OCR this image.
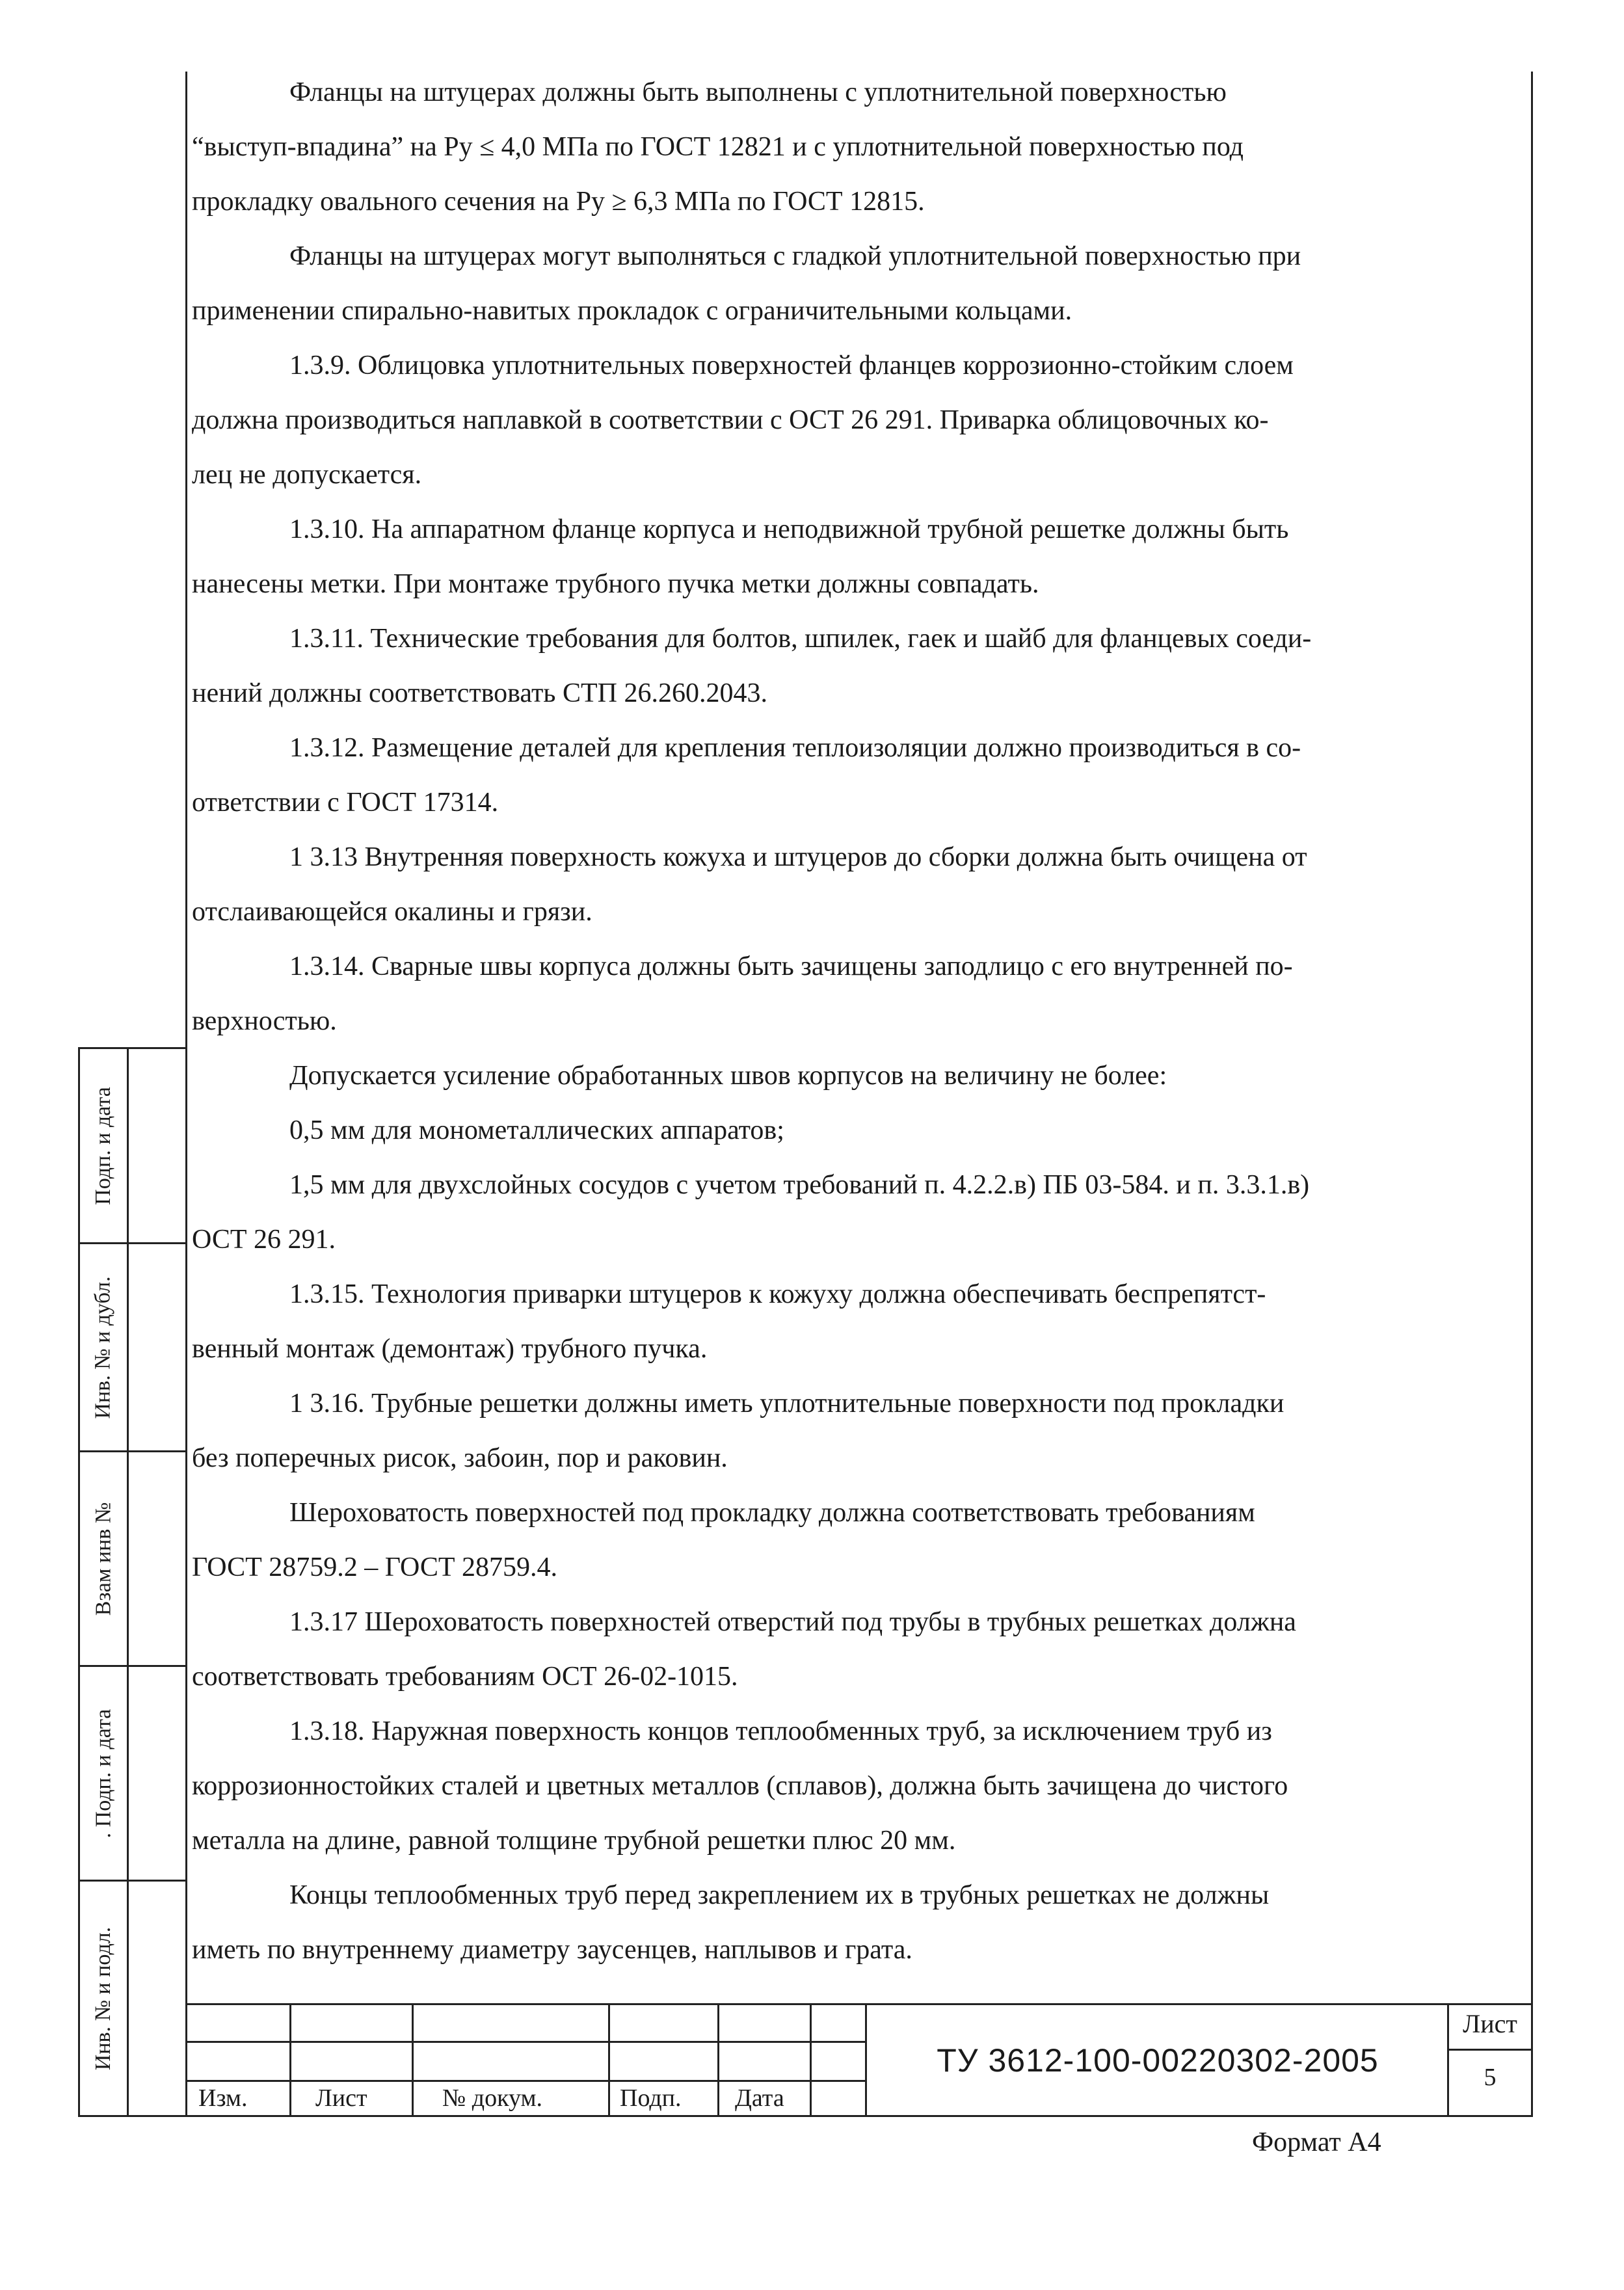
Фланцы на штуцерах должны быть выполнены с уплотнительной поверхностью
“выступ-впадина” на Ру ≤ 4,0 МПа по ГОСТ 12821 и с уплотнительной поверхностью под
прокладку овального сечения на Ру ≥ 6,3 МПа по ГОСТ 12815.
Фланцы на штуцерах могут выполняться с гладкой уплотнительной поверхностью при
применении спирально-навитых прокладок с ограничительными кольцами.
1.3.9. Облицовка уплотнительных поверхностей фланцев коррозионно-стойким слоем
должна производиться наплавкой в соответствии с ОСТ 26 291. Приварка облицовочных ко-
лец не допускается.
1.3.10. На аппаратном фланце корпуса и неподвижной трубной решетке должны быть
нанесены метки. При монтаже трубного пучка метки должны совпадать.
1.3.11. Технические требования для болтов, шпилек, гаек и шайб для фланцевых соеди-
нений должны соответствовать СТП 26.260.2043.
1.3.12. Размещение деталей для крепления теплоизоляции должно производиться в со-
ответствии с ГОСТ 17314.
1 3.13 Внутренняя поверхность кожуха и штуцеров до сборки должна быть очищена от
отслаивающейся окалины и грязи.
1.3.14. Сварные швы корпуса должны быть зачищены заподлицо с его внутренней по-
верхностью.
Допускается усиление обработанных швов корпусов на величину не более:
0,5 мм для монометаллических аппаратов;
1,5 мм для двухслойных сосудов с учетом требований п. 4.2.2.в) ПБ 03-584. и п. 3.3.1.в)
ОСТ 26 291.
1.3.15. Технология приварки штуцеров к кожуху должна обеспечивать беспрепятст-
венный монтаж (демонтаж) трубного пучка.
1 3.16. Трубные решетки должны иметь уплотнительные поверхности под прокладки
без поперечных рисок, забоин, пор и раковин.
Шероховатость поверхностей под прокладку должна соответствовать требованиям
ГОСТ 28759.2 – ГОСТ 28759.4.
1.3.17 Шероховатость поверхностей отверстий под трубы в трубных решетках должна
соответствовать требованиям ОСТ 26-02-1015.
1.3.18. Наружная поверхность концов теплообменных труб, за исключением труб из
коррозионностойких сталей и цветных металлов (сплавов), должна быть зачищена до чистого
металла на длине, равной толщине трубной решетки плюс 20 мм.
Концы теплообменных труб перед закреплением их в трубных решетках не должны
иметь по внутреннему диаметру заусенцев, наплывов и грата.
Подп. и дата
Инв. № и дубл.
Взам инв №
. Подп. и дата
Инв. № и подл.
Изм.	Лист	№ докум.	Подп. Дата
ТУ 3612-100-00220302-2005
Лист
5
Формат А4
